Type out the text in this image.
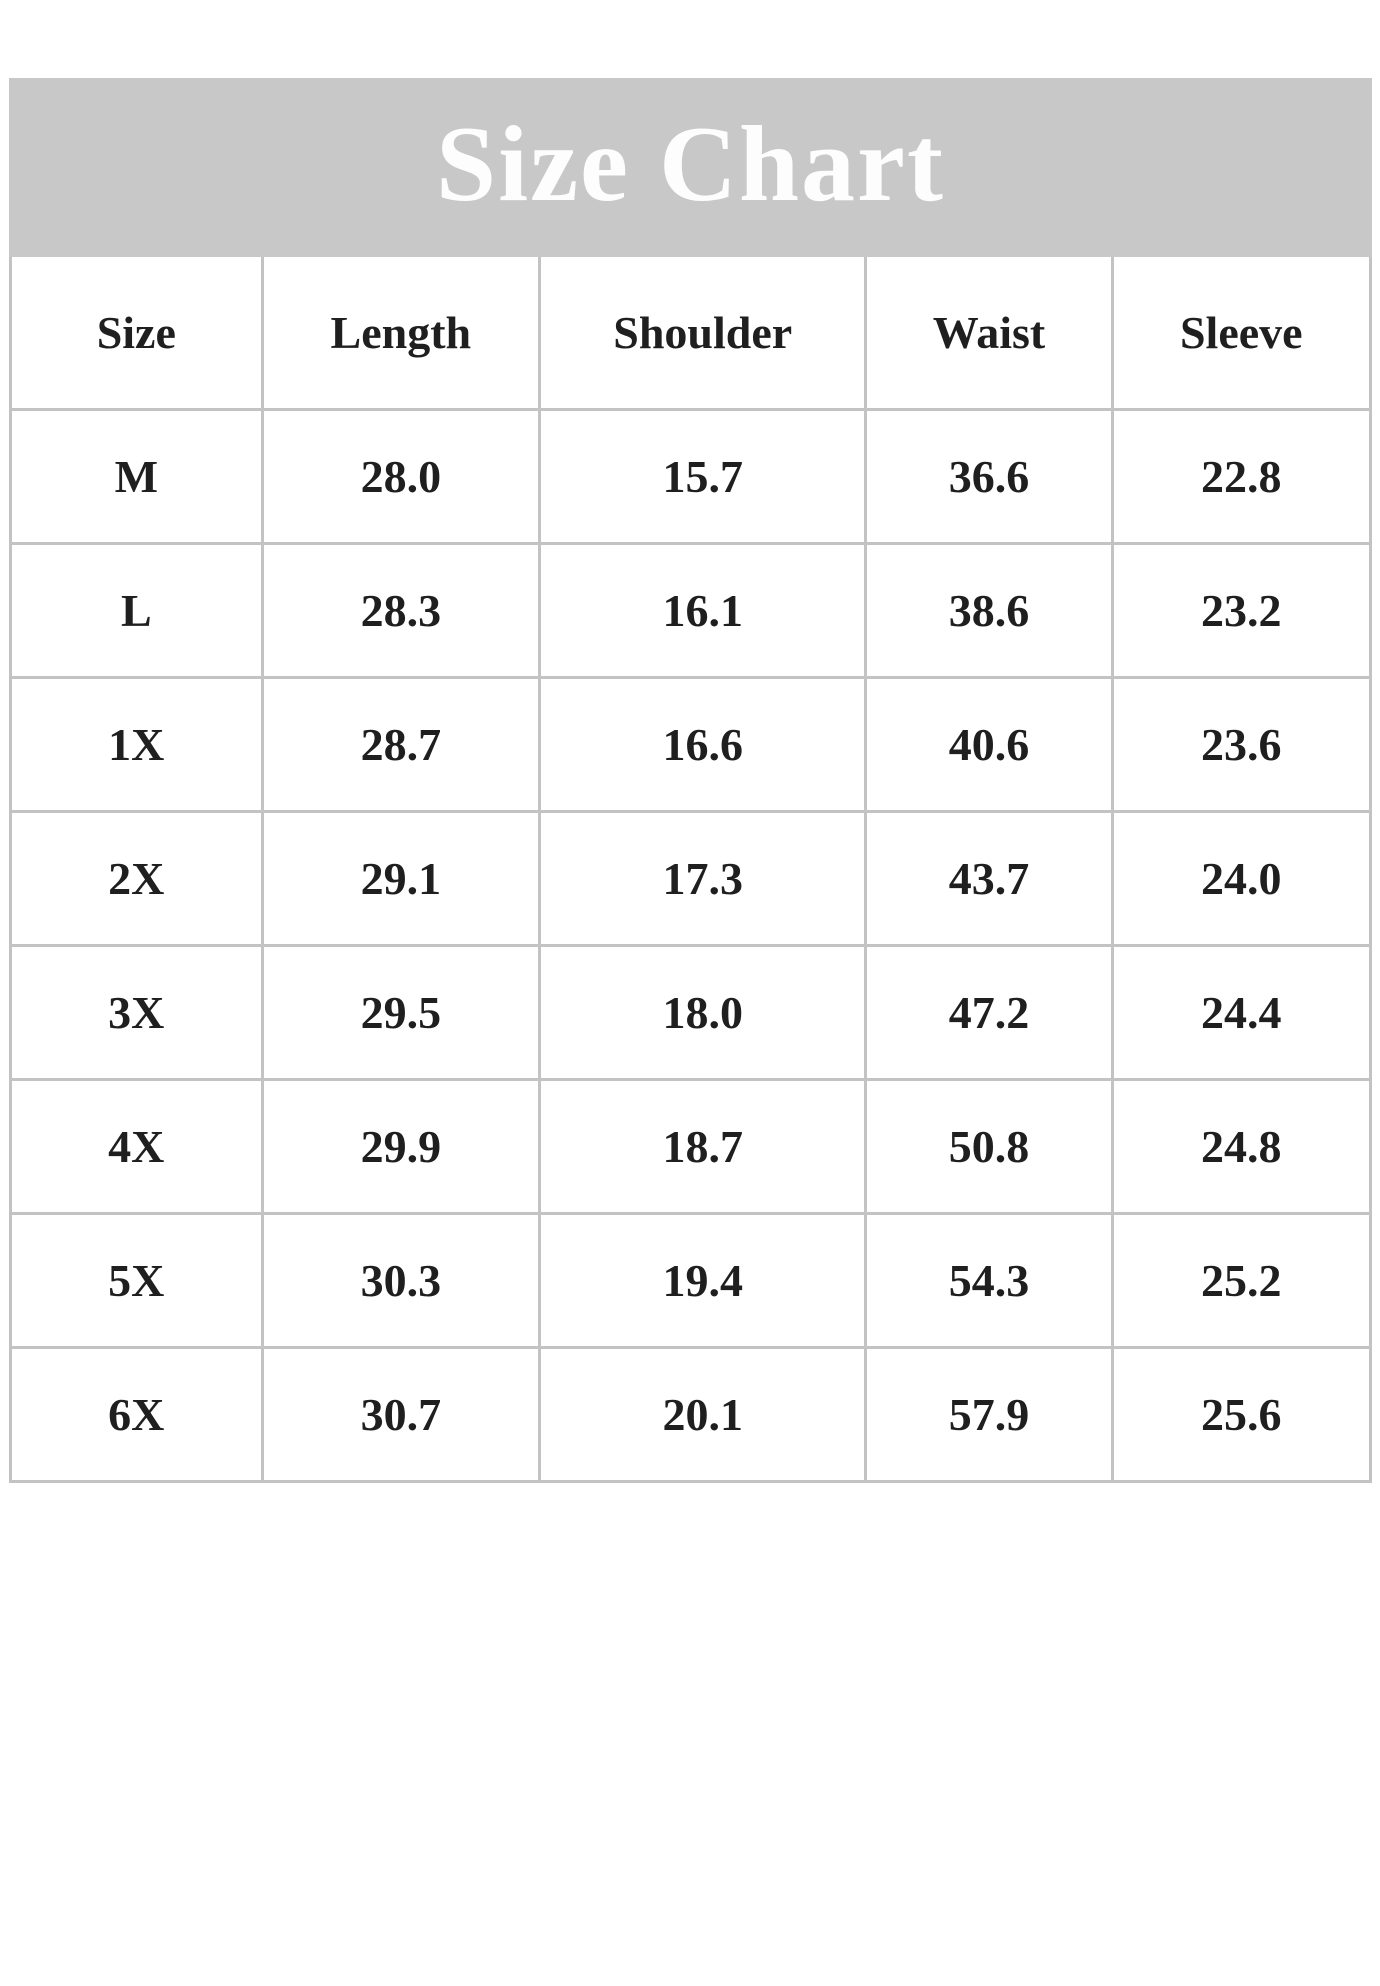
Size Chart
Size	Length	Shoulder	Waist	Sleeve
M	28.0	15.7	36.6	22.8
L	28.3	16.1	38.6	23.2
1X	28.7	16.6	40.6	23.6
2X	29.1	17.3	43.7	24.0
3X	29.5	18.0	47.2	24.4
4X	29.9	18.7	50.8	24.8
5X	30.3	19.4	54.3	25.2
6X	30.7	20.1	57.9	25.6
